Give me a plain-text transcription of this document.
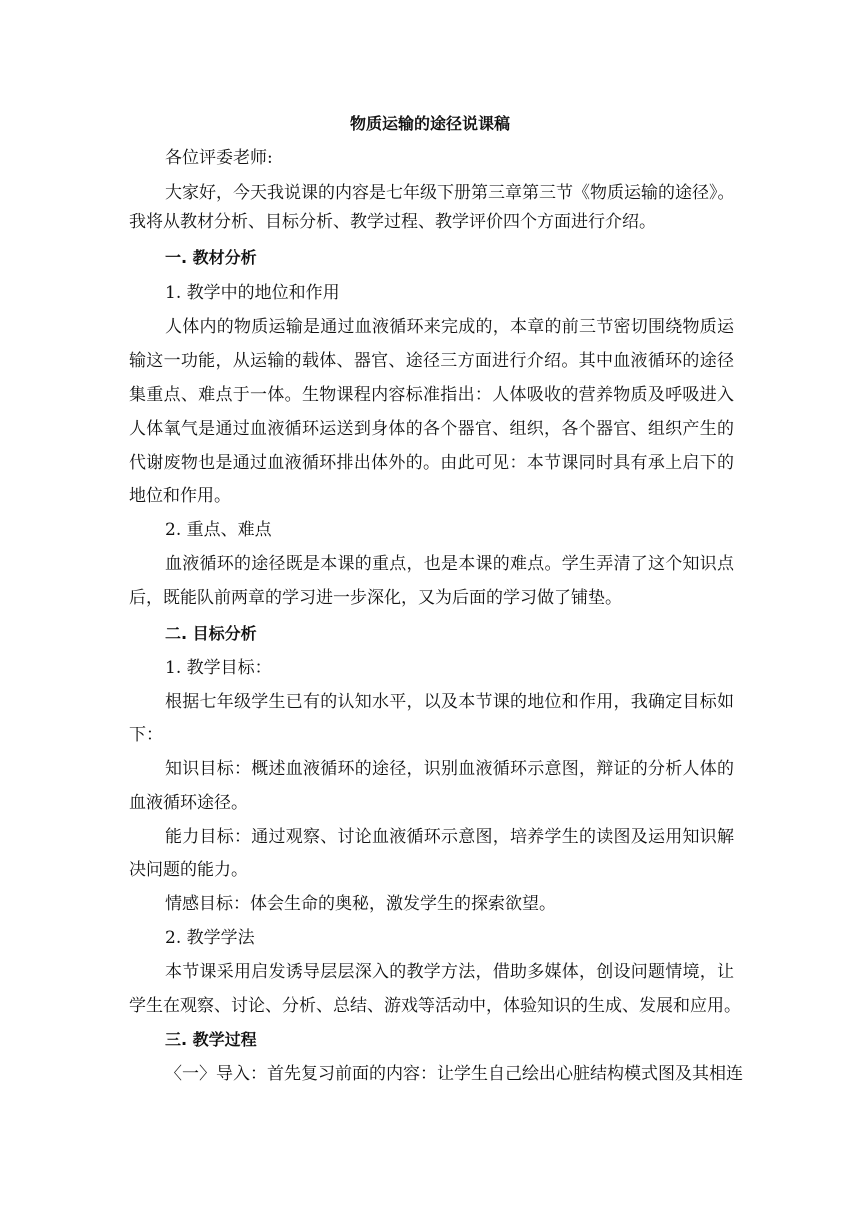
物质运输的途径说课稿
各位评委老师:
大家好，今天我说课的内容是七年级下册第三章第三节《物质运输的途径》。
我将从教材分析、目标分析、教学过程、教学评价四个方面进行介绍。
一. 教材分析
1. 教学中的地位和作用
人体内的物质运输是通过血液循环来完成的，本章的前三节密切围绕物质运
输这一功能，从运输的载体、器官、途径三方面进行介绍。其中血液循环的途径
集重点、难点于一体。生物课程内容标准指出：人体吸收的营养物质及呼吸进入
人体氧气是通过血液循环运送到身体的各个器官、组织，各个器官、组织产生的
代谢废物也是通过血液循环排出体外的。由此可见：本节课同时具有承上启下的
地位和作用。
2. 重点、难点
血液循环的途径既是本课的重点，也是本课的难点。学生弄清了这个知识点
后，既能队前两章的学习进一步深化，又为后面的学习做了铺垫。
二. 目标分析
1. 教学目标：
根据七年级学生已有的认知水平，以及本节课的地位和作用，我确定目标如
下：
知识目标：概述血液循环的途径，识别血液循环示意图，辩证的分析人体的
血液循环途径。
能力目标：通过观察、讨论血液循环示意图，培养学生的读图及运用知识解
决问题的能力。
情感目标：体会生命的奥秘，激发学生的探索欲望。
2. 教学学法
本节课采用启发诱导层层深入的教学方法，借助多媒体，创设问题情境，让
学生在观察、讨论、分析、总结、游戏等活动中，体验知识的生成、发展和应用。
三. 教学过程
〈一〉导入：首先复习前面的内容：让学生自己绘出心脏结构模式图及其相连
